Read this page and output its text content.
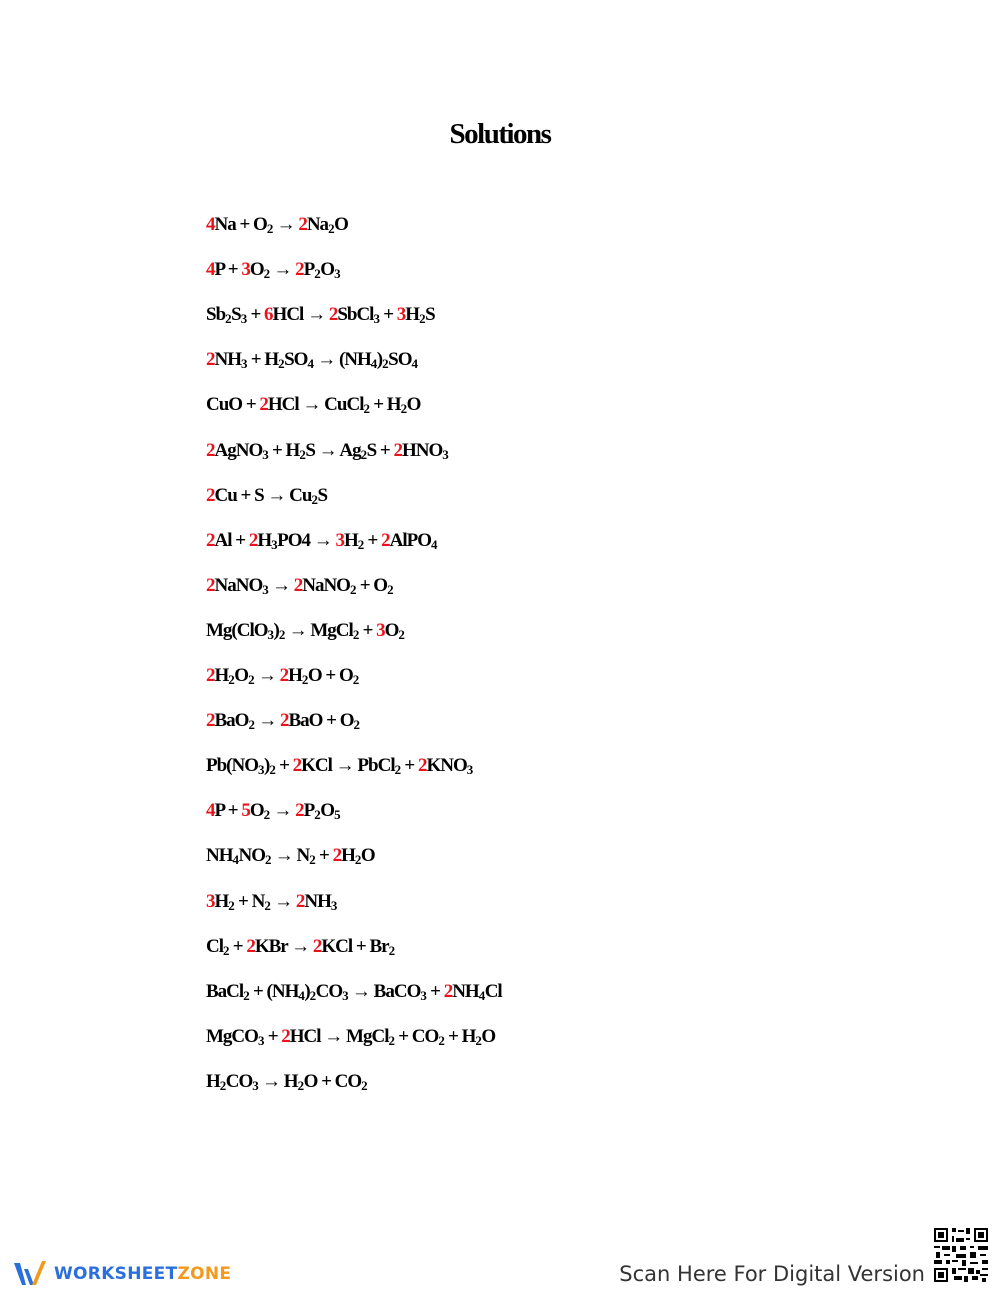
Solutions
$4Na + O_2 \to 2Na_2O$
$4P + 3O_2 \to 2P_2O_3$
$Sb_2S_3 + 6HCl$ → 2SbCl$_3$ + $3H_2S$
$2NH_3 + H_2SO_4 \to (NH_4)_2SO_4$
CuO + 2HCl → CuCl$_2$ + $H_2O$
2AgNO$_3$ + $H_2S \to Ag_2S + 2HNO_3$
$2Cu + S \to Cu_2S$
$2Al + 2H_3PO4 \to 3H_2$ + 2AlPO$_4$
2NaNO$_3$ → 2NaNO$_2$ + $O_2$
$Mg(ClO_3)_2$ → MgCl$_2$ + $3O_2$
$2H_2O_2 \to 2H_2O + O_2$
$2BaO_2 \to 2BaO + O_2$
$Pb(NO_3)_2 + 2KCl$ → PbCl$_2$ + $2KNO_3$
$4P + 5O_2 \to 2P_2O_5$
$NH_4NO_2 \to N_2 + 2H_2O$
$3H_2 + N_2 \to 2NH_3$
$Cl_2 + 2KBr \to 2KCl + Br_2$
BaCl$_2$ + $(NH_4)_2CO_3$ → BaCO$_3$ + $2NH_4Cl$
MgCO$_3$ + 2HCl → MgCl$_2$ + $CO_2 + H_2O$
$H_2CO_3 \to H_2O + CO_2$
WORKSHEETZONE	Scan Here For Digital Version
